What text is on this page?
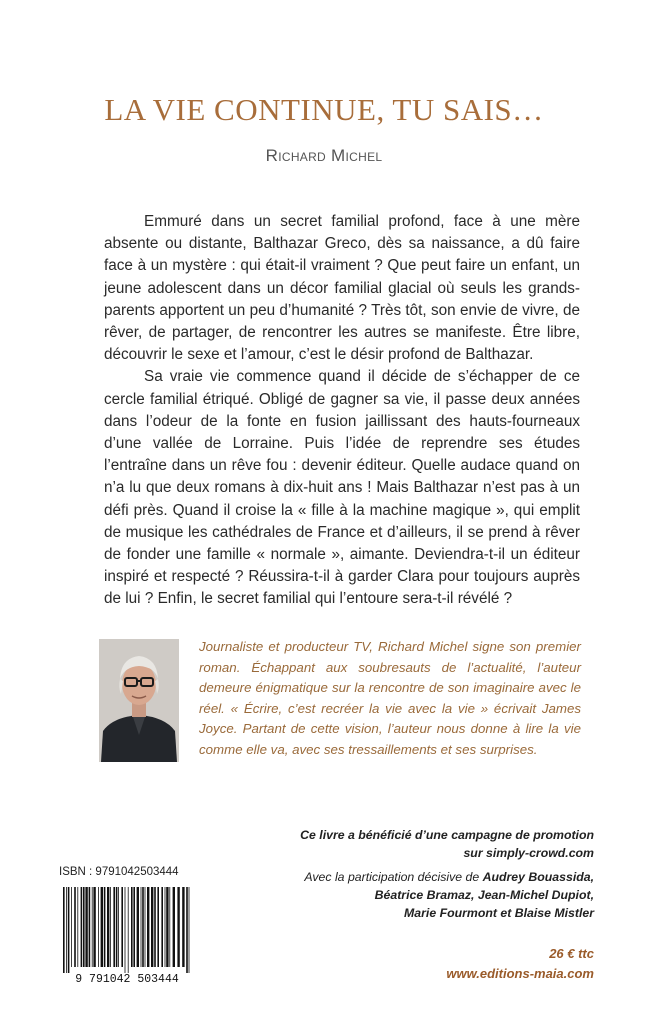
LA VIE CONTINUE, TU SAIS…
Richard Michel

Emmuré dans un secret familial profond, face à une mère absente ou distante, Balthazar Greco, dès sa naissance, a dû faire face à un mystère : qui était-il vraiment ? Que peut faire un enfant, un jeune adolescent dans un décor familial glacial où seuls les grands-parents apportent un peu d’humanité ? Très tôt, son envie de vivre, de rêver, de partager, de rencontrer les autres se manifeste. Être libre, découvrir le sexe et l’amour, c’est le désir profond de Balthazar.

Sa vraie vie commence quand il décide de s’échapper de ce cercle familial étriqué. Obligé de gagner sa vie, il passe deux années dans l’odeur de la fonte en fusion jaillissant des hauts-fourneaux d’une vallée de Lorraine. Puis l’idée de reprendre ses études l’entraîne dans un rêve fou : devenir éditeur. Quelle audace quand on n’a lu que deux romans à dix-huit ans ! Mais Balthazar n’est pas à un défi près. Quand il croise la « fille à la machine magique », qui emplit de musique les cathédrales de France et d’ailleurs, il se prend à rêver de fonder une famille « normale », aimante. Deviendra-t-il un éditeur inspiré et respecté ? Réussira-t-il à garder Clara pour toujours auprès de lui ? Enfin, le secret familial qui l’entoure sera-t-il révélé ?

Journaliste et producteur TV, Richard Michel signe son premier roman. Échappant aux soubresauts de l’actualité, l’auteur demeure énigmatique sur la rencontre de son imaginaire avec le réel. « Écrire, c’est recréer la vie avec la vie » écrivait James Joyce. Partant de cette vision, l’auteur nous donne à lire la vie comme elle va, avec ses tressaillements et ses surprises.
Ce livre a bénéficié d’une campagne de promotion
sur simply-crowd.com
Avec la participation décisive de Audrey Bouassida,
Béatrice Bramaz, Jean-Michel Dupiot,
Marie Fourmont et Blaise Mistler
ISBN : 9791042503444
9 791042 503444
26 € ttc
www.editions-maia.com
